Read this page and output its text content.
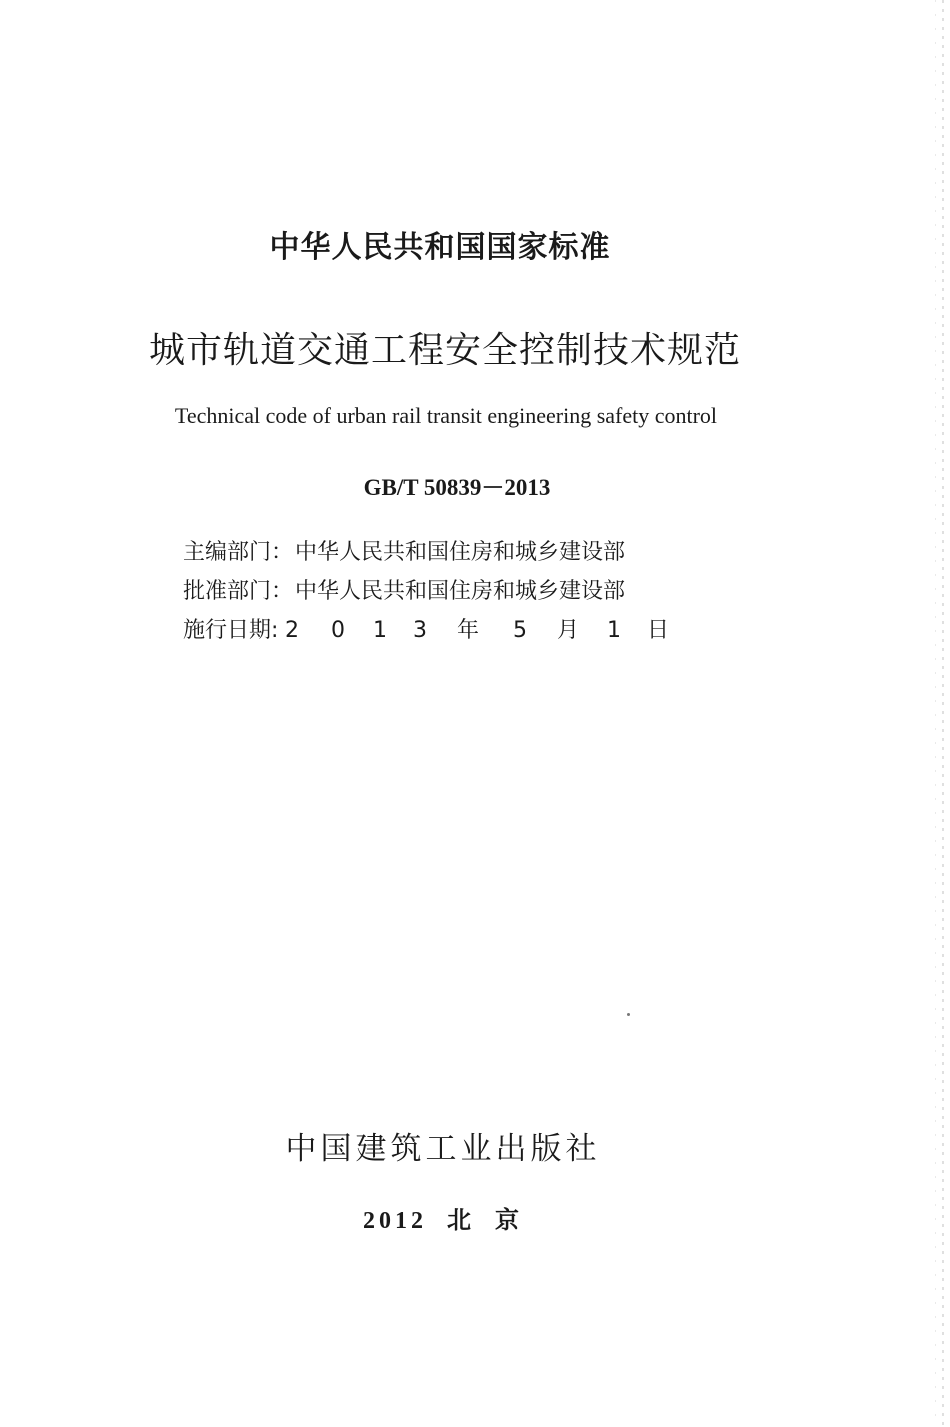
中华人民共和国国家标准
城市轨道交通工程安全控制技术规范
Technical code of urban rail transit engineering safety control
GB/T 50839－2013
主编部门 ： 中华人民共和国住房和城乡建设部
批准部门 ： 中华人民共和国住房和城乡建设部
施行日期 : 2 0 1 3 年 5 月 1 日
中国建筑工业出版社
2012 北 京
